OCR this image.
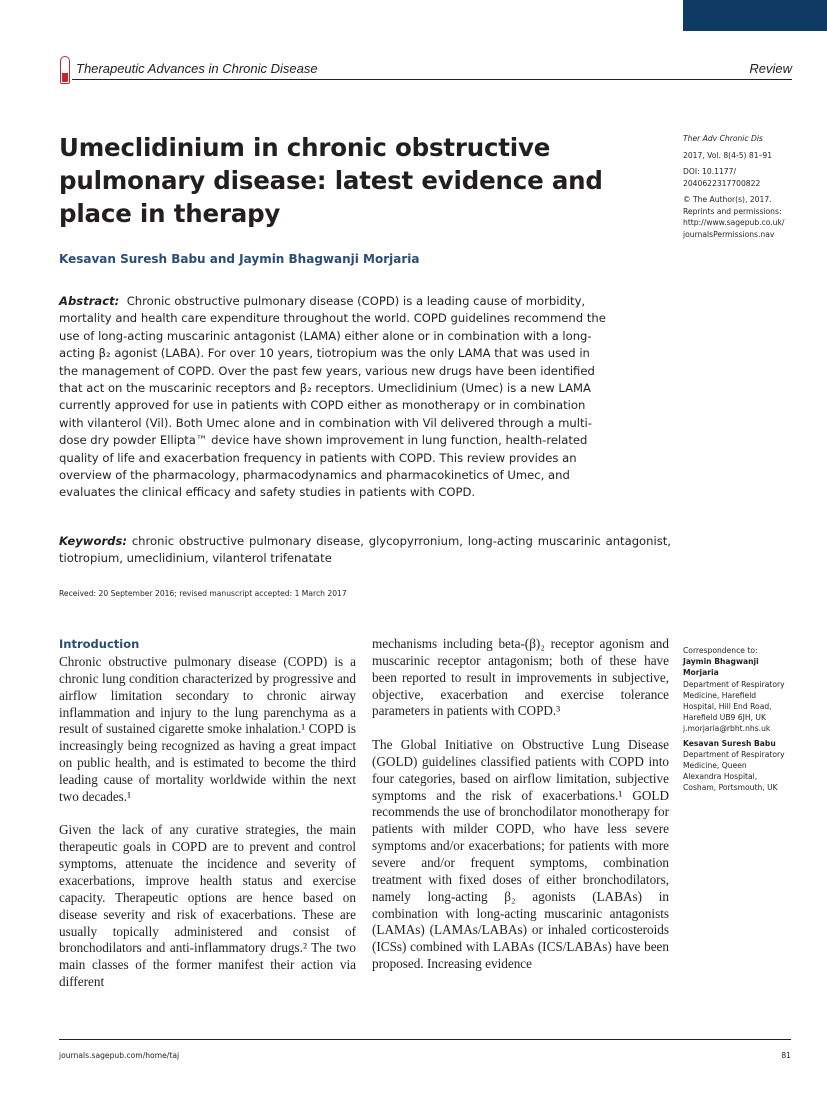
Therapeutic Advances in Chronic Disease	Review
Umeclidinium in chronic obstructive
pulmonary disease: latest evidence and
place in therapy
Kesavan Suresh Babu and Jaymin Bhagwanji Morjaria
Ther Adv Chronic Dis
2017, Vol. 8(4-5) 81–91
DOI: 10.1177/
2040622317700822
© The Author(s), 2017.
Reprints and permissions:
http://www.sagepub.co.uk/
journalsPermissions.nav
Abstract: Chronic obstructive pulmonary disease (COPD) is a leading cause of morbidity,
mortality and health care expenditure throughout the world. COPD guidelines recommend the
use of long-acting muscarinic antagonist (LAMA) either alone or in combination with a long-
acting β₂ agonist (LABA). For over 10 years, tiotropium was the only LAMA that was used in
the management of COPD. Over the past few years, various new drugs have been identified
that act on the muscarinic receptors and β₂ receptors. Umeclidinium (Umec) is a new LAMA
currently approved for use in patients with COPD either as monotherapy or in combination
with vilanterol (Vil). Both Umec alone and in combination with Vil delivered through a multi-
dose dry powder Ellipta™ device have shown improvement in lung function, health-related
quality of life and exacerbation frequency in patients with COPD. This review provides an
overview of the pharmacology, pharmacodynamics and pharmacokinetics of Umec, and
evaluates the clinical efficacy and safety studies in patients with COPD.
Keywords: chronic obstructive pulmonary disease, glycopyrronium, long-acting muscarinic antagonist, tiotropium, umeclidinium, vilanterol trifenatate
Received: 20 September 2016; revised manuscript accepted: 1 March 2017
Introduction

Chronic obstructive pulmonary disease (COPD) is a chronic lung condition characterized by progressive and airflow limitation secondary to chronic airway inflammation and injury to the lung parenchyma as a result of sustained cigarette smoke inhalation.¹ COPD is increasingly being recognized as having a great impact on public health, and is estimated to become the third leading cause of mortality worldwide within the next two decades.¹

Given the lack of any curative strategies, the main therapeutic goals in COPD are to prevent and control symptoms, attenuate the incidence and severity of exacerbations, improve health status and exercise capacity. Therapeutic options are hence based on disease severity and risk of exacerbations. These are usually topically administered and consist of bronchodilators and anti-inflammatory drugs.² The two main classes of the former manifest their action via different

mechanisms including beta-(β)₂ receptor agonism and muscarinic receptor antagonism; both of these have been reported to result in improvements in subjective, objective, exacerbation and exercise tolerance parameters in patients with COPD.³

The Global Initiative on Obstructive Lung Disease (GOLD) guidelines classified patients with COPD into four categories, based on airflow limitation, subjective symptoms and the risk of exacerbations.¹ GOLD recommends the use of bronchodilator monotherapy for patients with milder COPD, who have less severe symptoms and/or exacerbations; for patients with more severe and/or frequent symptoms, combination treatment with fixed doses of either bronchodilators, namely long-acting β₂ agonists (LABAs) in combination with long-acting muscarinic antagonists (LAMAs) (LAMAs/LABAs) or inhaled corticosteroids (ICSs) combined with LABAs (ICS/LABAs) have been proposed. Increasing evidence

Correspondence to:
Jaymin Bhagwanji
Morjaria
Department of Respiratory
Medicine, Harefield
Hospital, Hill End Road,
Harefield UB9 6JH, UK
j.morjaria@rbht.nhs.uk
Kesavan Suresh Babu
Department of Respiratory
Medicine, Queen
Alexandra Hospital,
Cosham, Portsmouth, UK
journals.sagepub.com/home/taj	81
